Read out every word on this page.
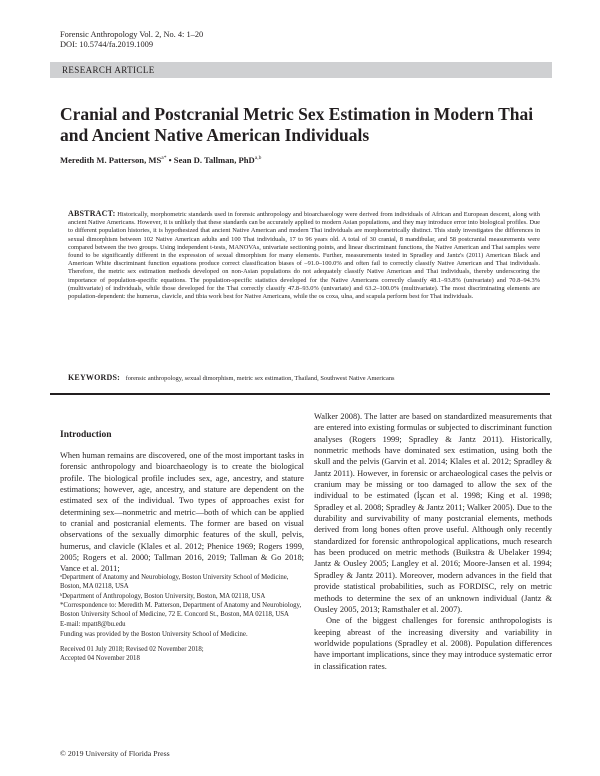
Forensic Anthropology Vol. 2, No. 4: 1–20
DOI: 10.5744/fa.2019.1009
RESEARCH ARTICLE
Cranial and Postcranial Metric Sex Estimation in Modern Thai and Ancient Native American Individuals
Meredith M. Patterson, $MS^{a*}$ • Sean D. Tallman, PhD$^{a,b}$

ABSTRACT: Historically, morphometric standards used in forensic anthropology and bioarchaeology were derived from individuals of African and European descent, along with ancient Native Americans. However, it is unlikely that these standards can be accurately applied to modern Asian populations, and they may introduce error into biological profiles. Due to different population histories, it is hypothesized that ancient Native American and modern Thai individuals are morphometrically distinct. This study investigates the differences in sexual dimorphism between 102 Native American adults and 100 Thai individuals, 17 to 96 years old. A total of 30 cranial, 8 mandibular, and 58 postcranial measurements were compared between the two groups. Using independent t-tests, MANOVAs, univariate sectioning points, and linear discriminant functions, the Native American and Thai samples were found to be significantly different in the expression of sexual dimorphism for many elements. Further, measurements tested in Spradley and Jantz's (2011) American Black and American White discriminant function equations produce correct classification biases of –91.0–100.0% and often fail to correctly classify Native American and Thai individuals. Therefore, the metric sex estimation methods developed on non-Asian populations do not adequately classify Native American and Thai individuals, thereby underscoring the importance of population-specific equations. The population-specific statistics developed for the Native Americans correctly classify 48.1–93.8% (univariate) and 70.8–94.3% (multivariate) of individuals, while those developed for the Thai correctly classify 47.8–93.0% (univariate) and 63.2–100.0% (multivariate). The most discriminating elements are population-dependent: the humerus, clavicle, and tibia work best for Native Americans, while the os coxa, ulna, and scapula perform best for Thai individuals.

KEYWORDS: forensic anthropology, sexual dimorphism, metric sex estimation, Thailand, Southwest Native Americans
Introduction

When human remains are discovered, one of the most important tasks in forensic anthropology and bioarchaeology is to create the biological profile. The biological profile includes sex, age, ancestry, and stature estimations; however, age, ancestry, and stature are dependent on the estimated sex of the individual. Two types of approaches exist for determining sex—nonmetric and metric—both of which can be applied to cranial and postcranial elements. The former are based on visual observations of the sexually dimorphic features of the skull, pelvis, humerus, and clavicle (Klales et al. 2012; Phenice 1969; Rogers 1999, 2005; Rogers et al. 2000; Tallman 2016, 2019; Tallman & Go 2018; Vance et al. 2011;

Walker 2008). The latter are based on standardized measurements that are entered into existing formulas or subjected to discriminant function analyses (Rogers 1999; Spradley & Jantz 2011). Historically, nonmetric methods have dominated sex estimation, using both the skull and the pelvis (Garvin et al. 2014; Klales et al. 2012; Spradley & Jantz 2011). However, in forensic or archaeological cases the pelvis or cranium may be missing or too damaged to allow the sex of the individual to be estimated (İşcan et al. 1998; King et al. 1998; Spradley et al. 2008; Spradley & Jantz 2011; Walker 2005). Due to the durability and survivability of many postcranial elements, methods derived from long bones often prove useful. Although only recently standardized for forensic anthropological applications, much research has been produced on metric methods (Buikstra & Ubelaker 1994; Jantz & Ousley 2005; Langley et al. 2016; Moore-Jansen et al. 1994; Spradley & Jantz 2011). Moreover, modern advances in the field that provide statistical probabilities, such as FORDISC, rely on metric methods to determine the sex of an unknown individual (Jantz & Ousley 2005, 2013; Ramsthaler et al. 2007).

One of the biggest challenges for forensic anthropologists is keeping abreast of the increasing diversity and variability in worldwide populations (Spradley et al. 2008). Population differences have important implications, since they may introduce systematic error in classification rates.

ᵃDepartment of Anatomy and Neurobiology, Boston University School of Medicine, Boston, MA 02118, USA

ᵇDepartment of Anthropology, Boston University, Boston, MA 02118, USA

*Correspondence to: Meredith M. Patterson, Department of Anatomy and Neurobiology, Boston University School of Medicine, 72 E. Concord St., Boston, MA 02118, USA

E-mail: mpatt8@bu.edu

Funding was provided by the Boston University School of Medicine.

Received 01 July 2018; Revised 02 November 2018;

Accepted 04 November 2018

© 2019 University of Florida Press
